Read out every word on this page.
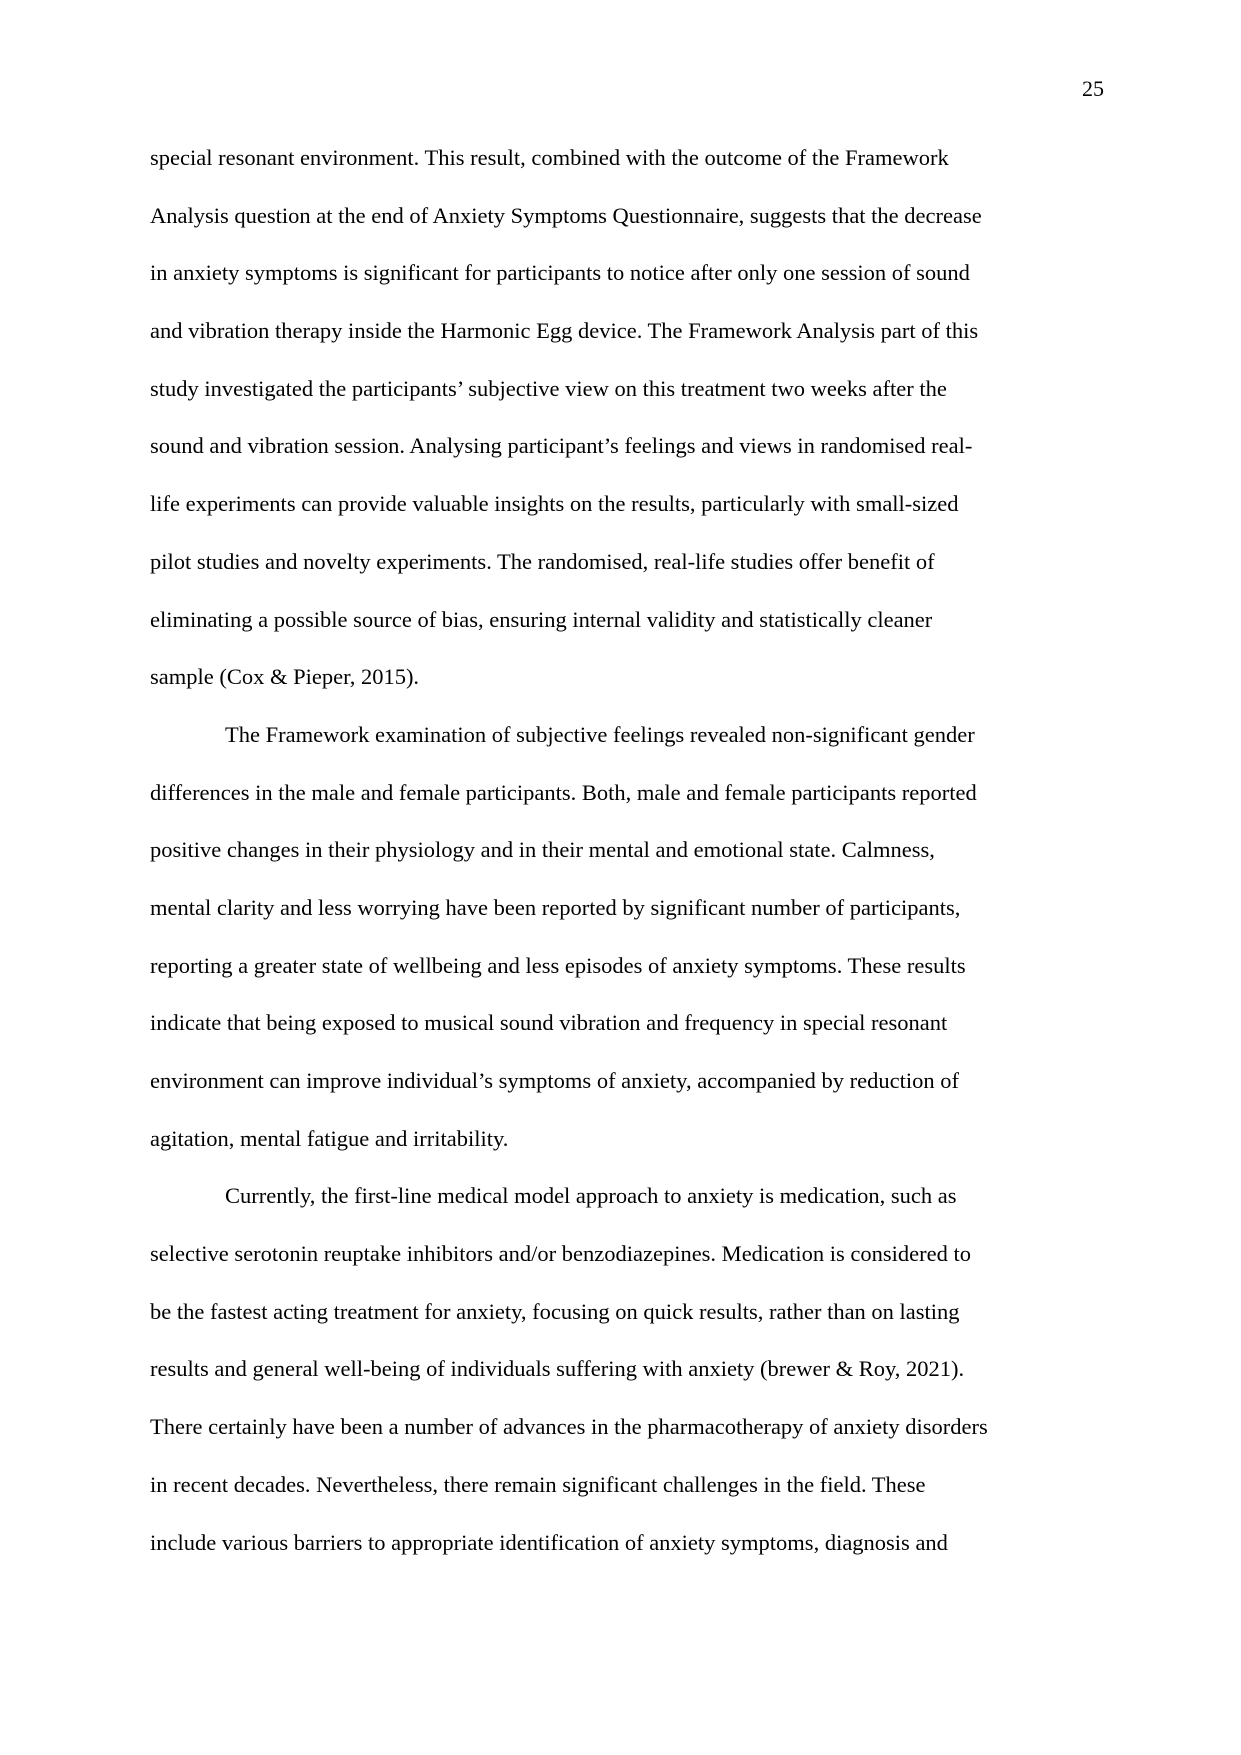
25
special resonant environment. This result, combined with the outcome of the Framework
Analysis question at the end of Anxiety Symptoms Questionnaire, suggests that the decrease
in anxiety symptoms is significant for participants to notice after only one session of sound
and vibration therapy inside the Harmonic Egg device. The Framework Analysis part of this
study investigated the participants’ subjective view on this treatment two weeks after the
sound and vibration session. Analysing participant’s feelings and views in randomised real-
life experiments can provide valuable insights on the results, particularly with small-sized
pilot studies and novelty experiments. The randomised, real-life studies offer benefit of
eliminating a possible source of bias, ensuring internal validity and statistically cleaner
sample (Cox & Pieper, 2015).
The Framework examination of subjective feelings revealed non-significant gender
differences in the male and female participants. Both, male and female participants reported
positive changes in their physiology and in their mental and emotional state. Calmness,
mental clarity and less worrying have been reported by significant number of participants,
reporting a greater state of wellbeing and less episodes of anxiety symptoms. These results
indicate that being exposed to musical sound vibration and frequency in special resonant
environment can improve individual’s symptoms of anxiety, accompanied by reduction of
agitation, mental fatigue and irritability.
Currently, the first-line medical model approach to anxiety is medication, such as
selective serotonin reuptake inhibitors and/or benzodiazepines. Medication is considered to
be the fastest acting treatment for anxiety, focusing on quick results, rather than on lasting
results and general well-being of individuals suffering with anxiety (brewer & Roy, 2021).
There certainly have been a number of advances in the pharmacotherapy of anxiety disorders
in recent decades. Nevertheless, there remain significant challenges in the field. These
include various barriers to appropriate identification of anxiety symptoms, diagnosis and
